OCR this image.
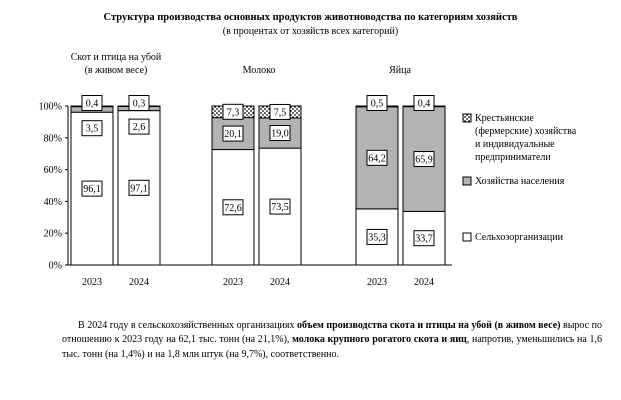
Структура производства основных продуктов животноводства по категориям хозяйств
(в процентах от хозяйств всех категорий)
0%
20%
40%
60%
80%
100%
Скот и птица на убой
(в живом весе)	Молоко	Яйца
96,1
3,5
0,4
2023
72,6
20,1
7,3
2023
35,3
64,2
0,5
2023
97,1
2,6
0,3
2024
73,5
19,0
7,5
2024
33,7
65,9
0,4
2024
Крестьянские
(фермерские) хозяйства
и индивидуальные
предприниматели
Хозяйства населения
Сельхозорганизации
В 2024 году в сельскохозяйственных организациях объем производства скота и птицы на убой (в живом весе) вырос по отношению к 2023 году на 62,1 тыс. тонн (на 21,1%), молока крупного рогатого скота и яиц, напротив, уменьшились на 1,6 тыс. тонн (на 1,4%) и на 1,8 млн штук (на 9,7%), соответственно.
